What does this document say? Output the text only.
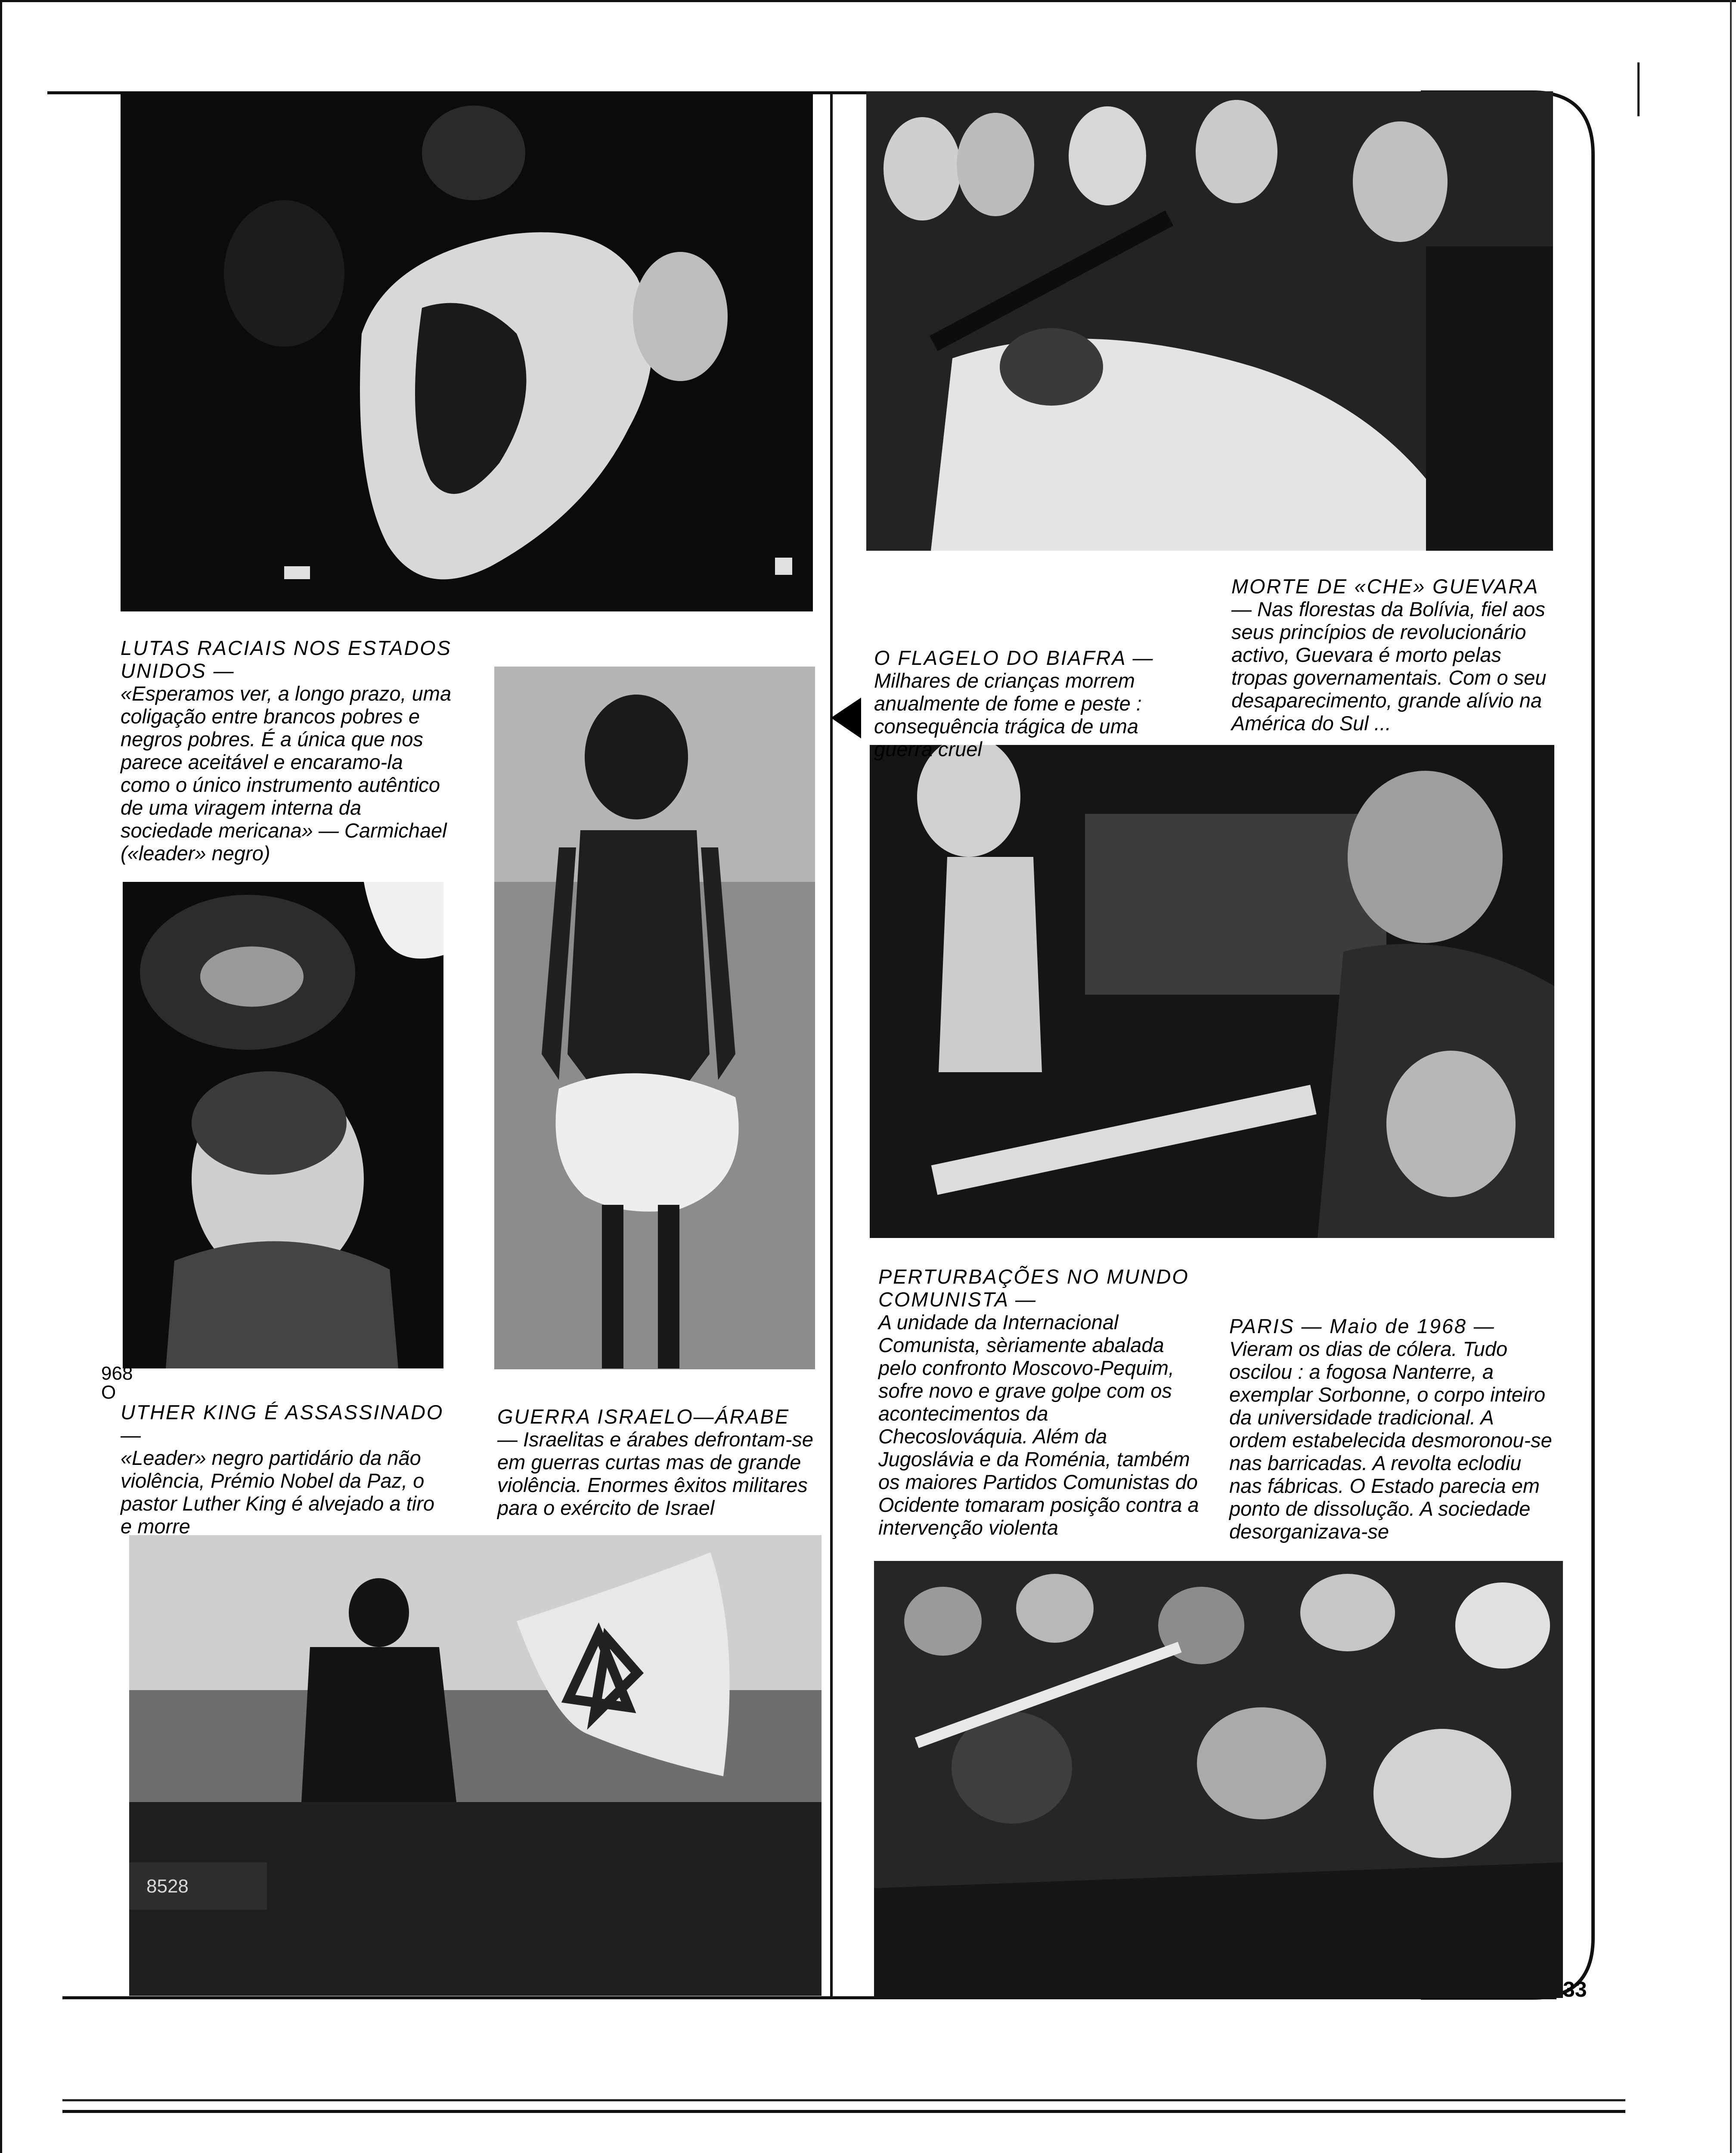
8528

LUTAS RACIAIS NOS ESTADOS UNIDOS —
«Esperamos ver, a longo prazo, uma coligação entre brancos pobres e negros pobres. É a única que nos parece aceitável e encaramo-la como o único instrumento autêntico de uma viragem interna da sociedade mericana» — Carmichael («leader» negro)

968
O

UTHER KING É ASSASSINADO —
«Leader» negro partidário da não violência, Prémio Nobel da Paz, o pastor Luther King é alvejado a tiro e morre

GUERRA ISRAELO—ÁRABE
— Israelitas e árabes defrontam-se em guerras curtas mas de grande violência. Enormes êxitos militares para o exército de Israel

O FLAGELO DO BIAFRA —
Milhares de crianças morrem anualmente de fome e peste : consequência trágica de uma guerra cruel

MORTE DE «CHE» GUEVARA
— Nas florestas da Bolívia, fiel aos seus princípios de revolucionário activo, Guevara é morto pelas tropas governamentais. Com o seu desaparecimento, grande alívio na América do Sul ...

PERTURBAÇÕES NO MUNDO COMUNISTA —
A unidade da Internacional Comunista, sèriamente abalada pelo confronto Moscovo-Pequim, sofre novo e grave golpe com os acontecimentos da Checoslováquia. Além da Jugoslávia e da Roménia, também os maiores Partidos Comunistas do Ocidente tomaram posição contra a intervenção violenta

PARIS — Maio de 1968 —
Vieram os dias de cólera. Tudo oscilou : a fogosa Nanterre, a exemplar Sorbonne, o corpo inteiro da universidade tradicional. A ordem estabelecida desmoronou-se nas barricadas. A revolta eclodiu nas fábricas. O Estado parecia em ponto de dissolução. A sociedade desorganizava-se

33
